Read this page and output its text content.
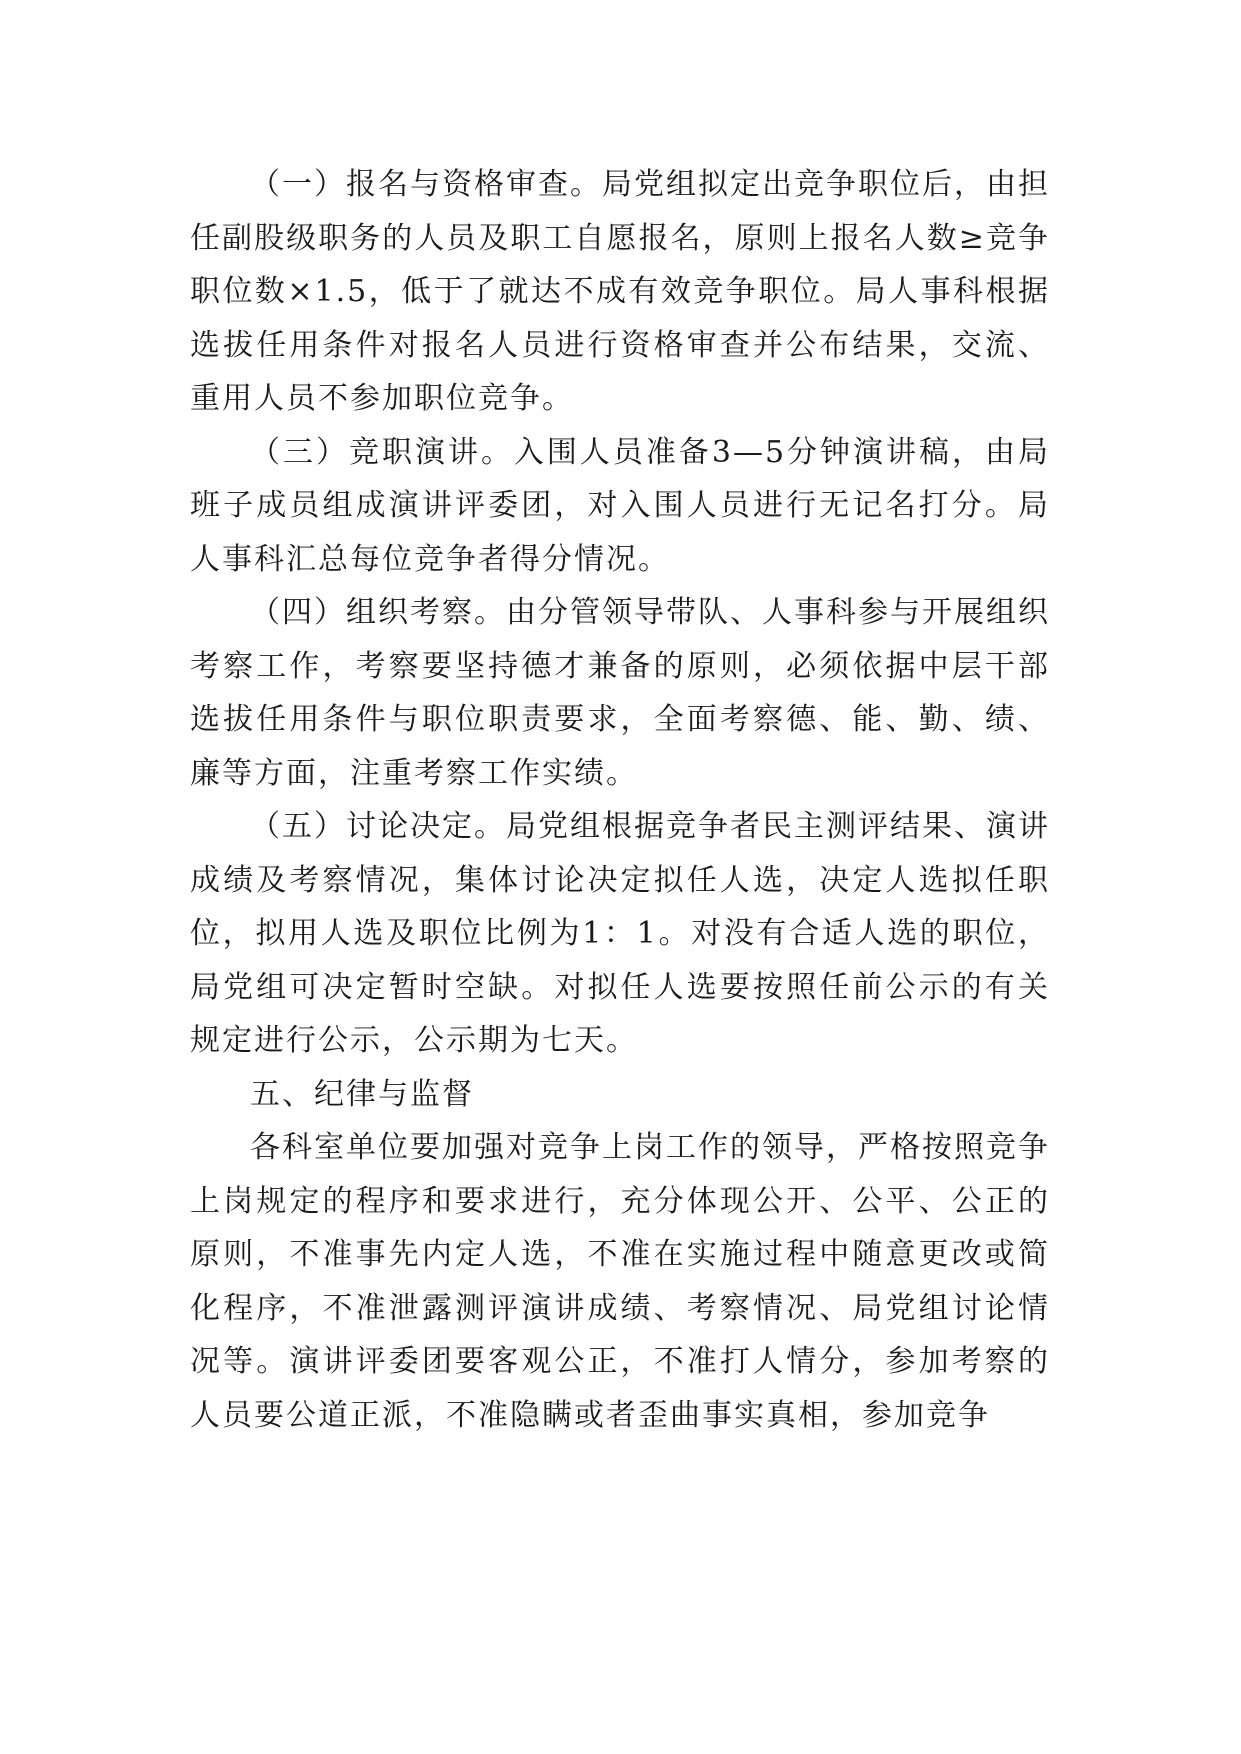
（一）报名与资格审查。局党组拟定出竞争职位后，由担任副股级职务的人员及职工自愿报名，原则上报名人数≥竞争职位数×1.5，低于了就达不成有效竞争职位。局人事科根据选拔任用条件对报名人员进行资格审查并公布结果，交流、重用人员不参加职位竞争。

（三）竞职演讲。入围人员准备3—5分钟演讲稿，由局班子成员组成演讲评委团，对入围人员进行无记名打分。局人事科汇总每位竞争者得分情况。

（四）组织考察。由分管领导带队、人事科参与开展组织考察工作，考察要坚持德才兼备的原则，必须依据中层干部选拔任用条件与职位职责要求，全面考察德、能、勤、绩、廉等方面，注重考察工作实绩。

（五）讨论决定。局党组根据竞争者民主测评结果、演讲成绩及考察情况，集体讨论决定拟任人选，决定人选拟任职位，拟用人选及职位比例为1：1。对没有合适人选的职位，局党组可决定暂时空缺。对拟任人选要按照任前公示的有关规定进行公示，公示期为七天。

五、纪律与监督

各科室单位要加强对竞争上岗工作的领导，严格按照竞争上岗规定的程序和要求进行，充分体现公开、公平、公正的原则，不准事先内定人选，不准在实施过程中随意更改或简化程序，不准泄露测评演讲成绩、考察情况、局党组讨论情况等。演讲评委团要客观公正，不准打人情分，参加考察的人员要公道正派，不准隐瞒或者歪曲事实真相，参加竞争
